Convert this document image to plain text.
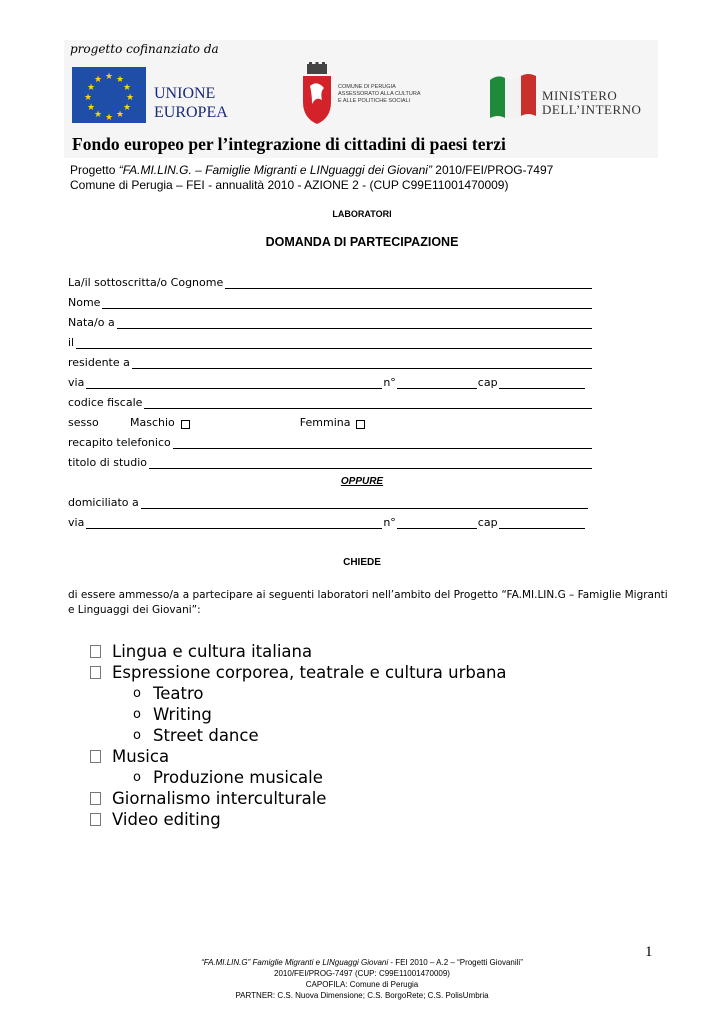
progetto cofinanziato da
★ ★
★
★
★
★
★
★
★
★
★
★
UNIONE
EUROPEA
COMUNE DI PERUGIA
ASSESSORATO ALLA CULTURA
E ALLE POLITICHE SOCIALI	MINISTERO
DELL’INTERNO
Fondo europeo per l’integrazione di cittadini di paesi terzi
Progetto “FA.MI.LIN.G. – Famiglie Migranti e LINguaggi dei Giovani” 2010/FEI/PROG-7497
Comune di Perugia – FEI - annualità 2010 - AZIONE 2 - (CUP C99E11001470009)
LABORATORI
DOMANDA DI PARTECIPAZIONE
La/il sottoscritta/o Cognome
Nome
Nata/o a
il
residente a
via	n°	cap
codice fiscale
sesso	Maschio	Femmina
recapito telefonico
titolo di studio
OPPURE
domiciliato a
via	n°	cap
CHIEDE
di essere ammesso/a a partecipare ai seguenti laboratori nell’ambito del Progetto “FA.MI.LIN.G – Famiglie Migranti e Linguaggi dei Giovani”:
Lingua e cultura italiana
Espressione corporea, teatrale e cultura urbana
o Teatro
o Writing
o Street dance
Musica
o Produzione musicale
Giornalismo interculturale
Video editing
1
“FA.MI.LIN.G” Famiglie Migranti e LINguaggi Giovani - FEI 2010 – A.2 – “Progetti Giovanili”
2010/FEI/PROG-7497 (CUP: C99E11001470009)
CAPOFILA: Comune di Perugia
PARTNER: C.S. Nuova Dimensione; C.S. BorgoRete; C.S. PolisUmbria
